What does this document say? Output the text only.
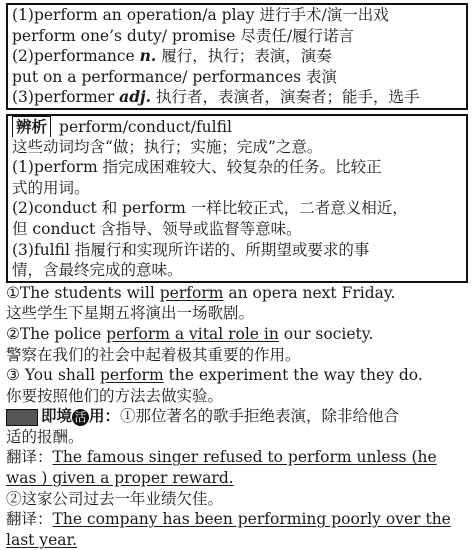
(1)perform an operation/a play 进行手术/演一出戏
perform one’s duty/ promise 尽责任/履行诺言
(2)performance n. 履行，执行；表演，演奏
put on a performance/ performances 表演
(3)performer adj. 执行者，表演者，演奏者；能手，选手
辨析 perform/conduct/fulfil
这些动词均含“做；执行；实施；完成”之意。
(1)perform 指完成困难较大、较复杂的任务。比较正
式的用词。
(2)conduct 和 perform 一样比较正式，二者意义相近，
但 conduct 含指导、领导或监督等意味。
(3)fulfil 指履行和实现所许诺的、所期望或要求的事
情，含最终完成的意味。
①The students will perform an opera next Friday.
这些学生下星期五将演出一场歌剧。
②The police perform a vital role in our society.
警察在我们的社会中起着极其重要的作用。
③ You shall perform the experiment the way they do.
你要按照他们的方法去做实验。
即境 活 用：①那位著名的歌手拒绝表演，除非给他合
适的报酬。
翻译：The famous singer refused to perform unless (he
was ) given a proper reward.
②这家公司过去一年业绩欠佳。
翻译：The company has been performing poorly over the
last year.
